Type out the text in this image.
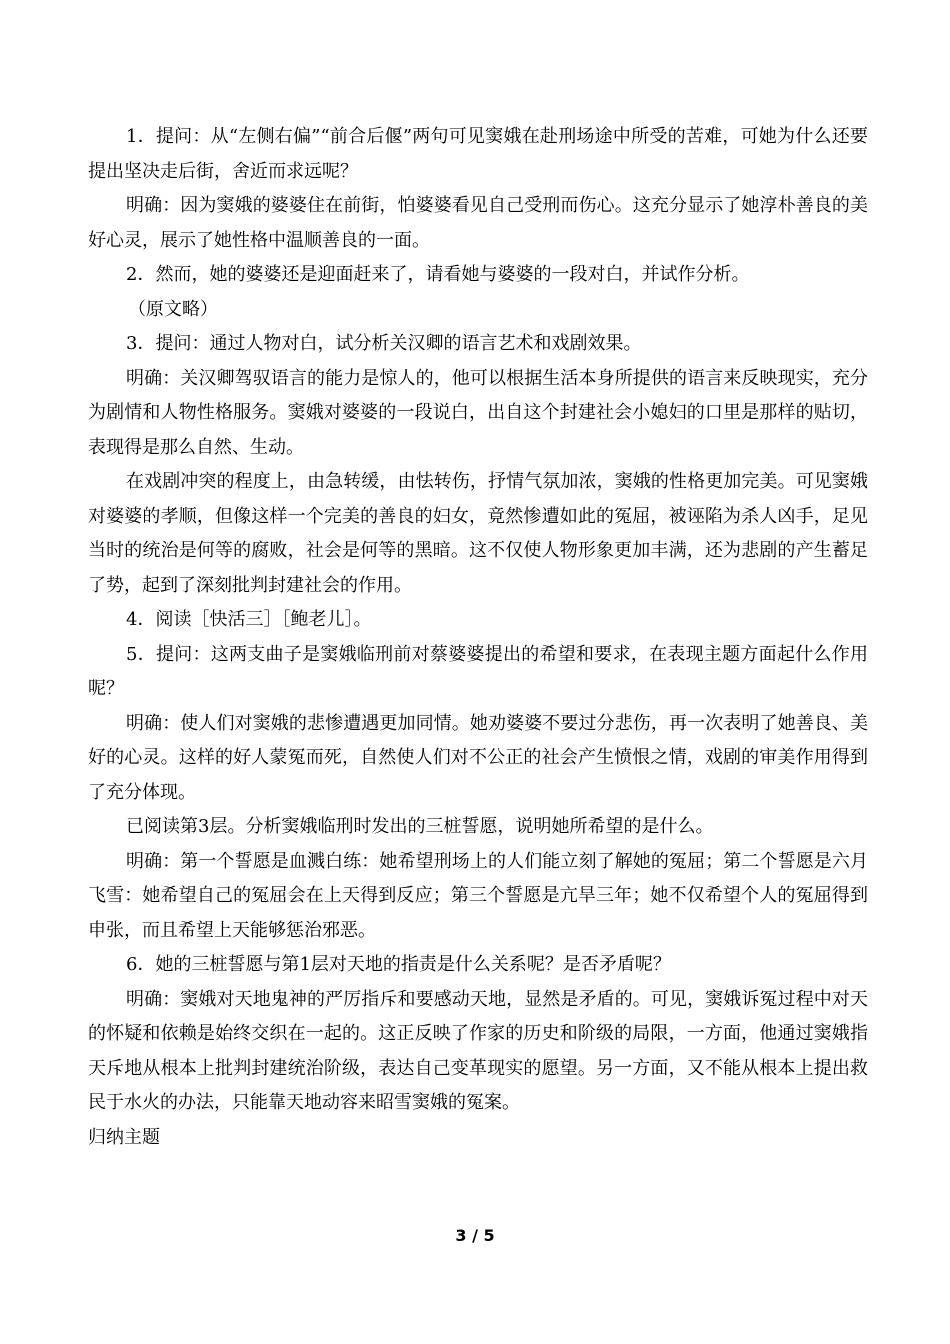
1．提问：从“左侧右偏”“前合后偃”两句可见窦娥在赴刑场途中所受的苦难，可她为什么还要提出坚决走后街，舍近而求远呢？

明确：因为窦娥的婆婆住在前街，怕婆婆看见自己受刑而伤心。这充分显示了她淳朴善良的美好心灵，展示了她性格中温顺善良的一面。

2．然而，她的婆婆还是迎面赶来了，请看她与婆婆的一段对白，并试作分析。

（原文略）

3．提问：通过人物对白，试分析关汉卿的语言艺术和戏剧效果。

明确：关汉卿驾驭语言的能力是惊人的，他可以根据生活本身所提供的语言来反映现实，充分为剧情和人物性格服务。窦娥对婆婆的一段说白，出自这个封建社会小媳妇的口里是那样的贴切，表现得是那么自然、生动。

在戏剧冲突的程度上，由急转缓，由怯转伤，抒情气氛加浓，窦娥的性格更加完美。可见窦娥对婆婆的孝顺，但像这样一个完美的善良的妇女，竟然惨遭如此的冤屈，被诬陷为杀人凶手，足见当时的统治是何等的腐败，社会是何等的黑暗。这不仅使人物形象更加丰满，还为悲剧的产生蓄足了势，起到了深刻批判封建社会的作用。

4．阅读［快活三］［鲍老儿］。

5．提问：这两支曲子是窦娥临刑前对蔡婆婆提出的希望和要求，在表现主题方面起什么作用呢？

明确：使人们对窦娥的悲惨遭遇更加同情。她劝婆婆不要过分悲伤，再一次表明了她善良、美好的心灵。这样的好人蒙冤而死，自然使人们对不公正的社会产生愤恨之情，戏剧的审美作用得到了充分体现。

已阅读第3层。分析窦娥临刑时发出的三桩誓愿，说明她所希望的是什么。

明确：第一个誓愿是血溅白练：她希望刑场上的人们能立刻了解她的冤屈；第二个誓愿是六月飞雪：她希望自己的冤屈会在上天得到反应；第三个誓愿是亢旱三年；她不仅希望个人的冤屈得到申张，而且希望上天能够惩治邪恶。

6．她的三桩誓愿与第1层对天地的指责是什么关系呢？是否矛盾呢？

明确：窦娥对天地鬼神的严厉指斥和要感动天地，显然是矛盾的。可见，窦娥诉冤过程中对天的怀疑和依赖是始终交织在一起的。这正反映了作家的历史和阶级的局限，一方面，他通过窦娥指天斥地从根本上批判封建统治阶级，表达自己变革现实的愿望。另一方面，又不能从根本上提出救民于水火的办法，只能靠天地动容来昭雪窦娥的冤案。

归纳主题

3 / 5
